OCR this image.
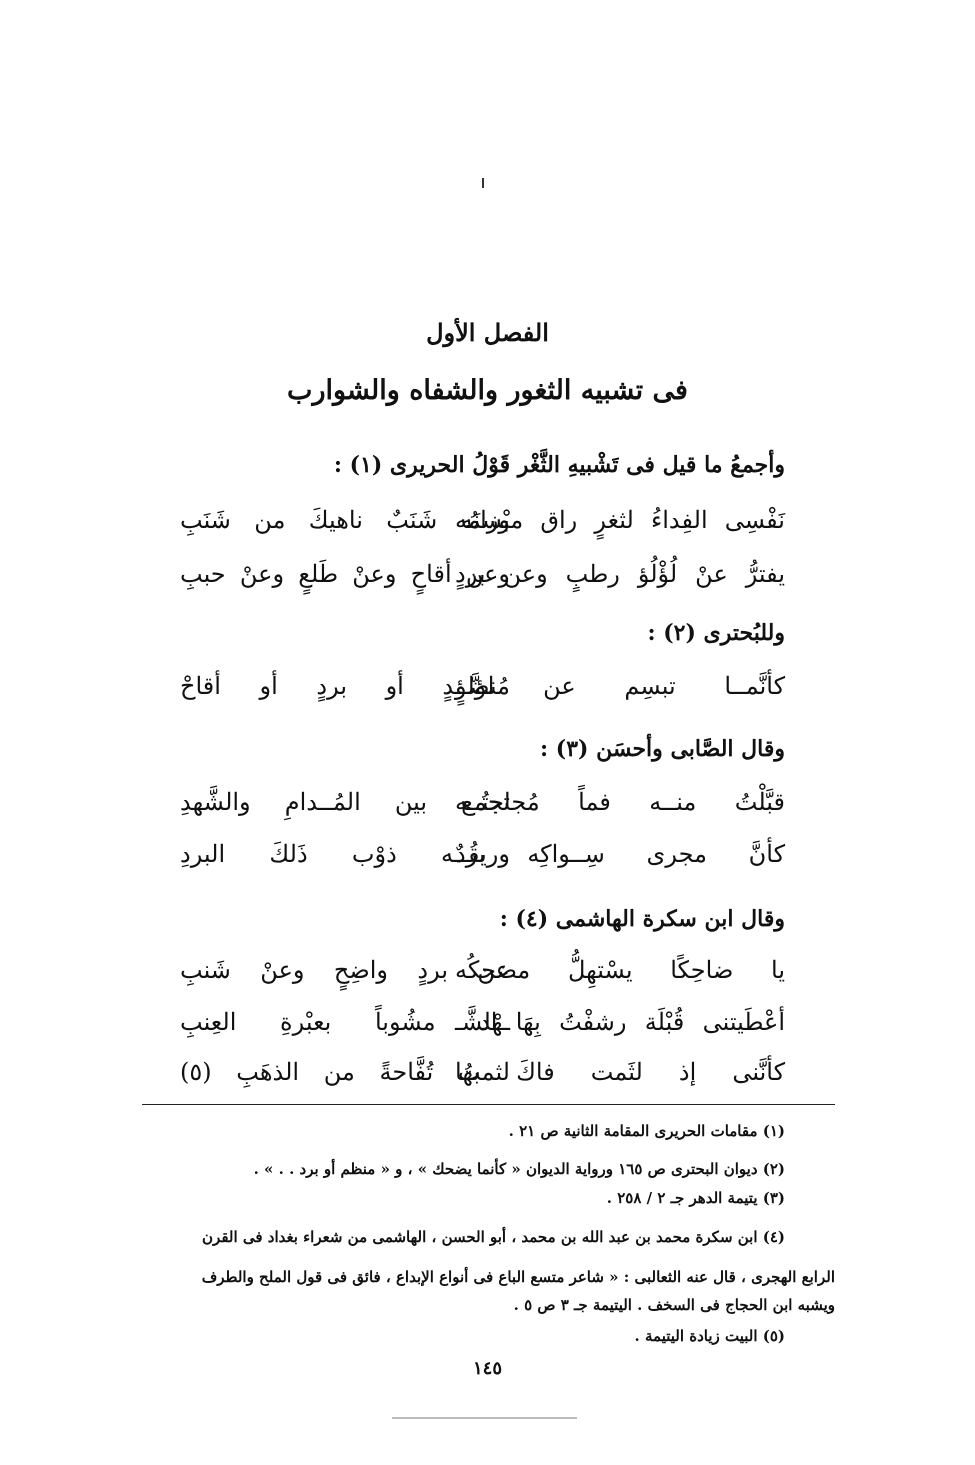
الفصل الأول
فى تشبيه الثغور والشفاه والشوارب
وأجمعُ ما قيل فى تَشْبيهِ الثَّغْر قَوْلُ الحريرى (١) :
نَفْسِى الفِداءُ لثغرٍ راق مبْسمُه
وزانَه شَنَبٌ ناهيكَ من شَنَبِ
يفترُّ عنْ لُؤْلُؤ رطبٍ وعن بردٍ
وعن أقاحٍ وعنْ طَلعٍ وعنْ حببِ
وللبُحترى (٢) :
كأنَّمــا تبسِم عن لؤلؤٍ
مُنضَّــدٍ أو بردٍ أو أقاحْ
وقال الصَّابى وأحسَن (٣) :
قبَّلْتُ منــه فماً مُجاجتُــه
تجمع بين المُــدامِ والشَّهدِ
كأنَّ مجرى سِــواكِه بردٌ
وريقُــه ذوْب ذَلكَ البردِ
وقال ابن سكرة الهاشمى (٤) :
يا ضاحِكًا يسْتهِلُّ مضحكُه
عن بردٍ واضِحٍ وعنْ شَنبِ
أعْطَيتنى قُبْلَة رشفْتُ بِهَا الشَّـ
ـهْد مشُوباً بعبْرةِ العِنبِ
كأنَّنى إذ لثَمت فاكَ بها
لثمتُ تُفَّاحةً من الذهَبِ (٥)
(١) مقامات الحريرى المقامة الثانية ص ٢١ .
(٢) ديوان البحترى ص ١٦٥ ورواية الديوان « كأنما يضحك » ، و « منظم أو برد . . » .
(٣) يتيمة الدهر جـ ٢ / ٢٥٨ .
(٤) ابن سكرة محمد بن عبد الله بن محمد ، أبو الحسن ، الهاشمى من شعراء بغداد فى القرن
الرابع الهجرى ، قال عنه الثعالبى : « شاعر متسع الباع فى أنواع الإبداع ، فائق فى قول الملح والطرف
ويشبه ابن الحجاج فى السخف . اليتيمة جـ ٣ ص ٥ .
(٥) البيت زيادة اليتيمة .
١٤٥
